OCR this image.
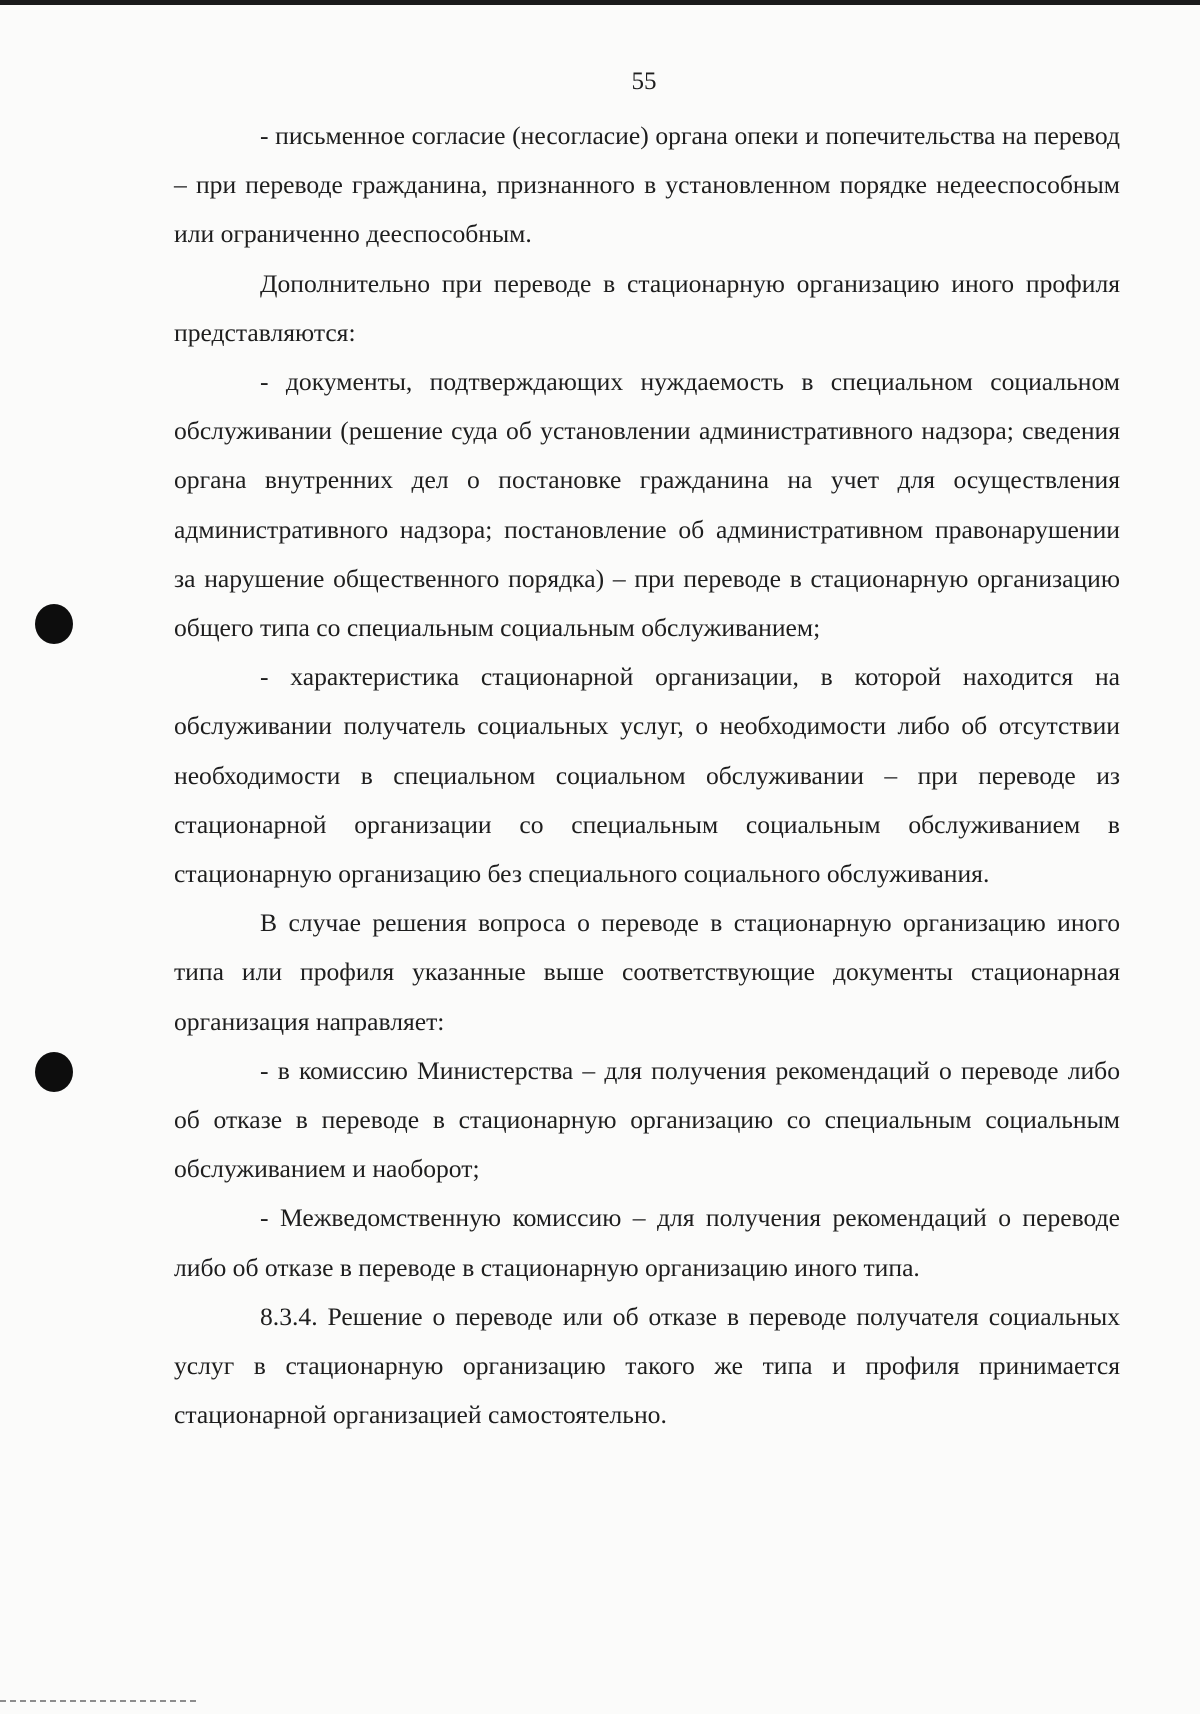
55

- письменное согласие (несогласие) органа опеки и попечительства на перевод – при переводе гражданина, признанного в установленном порядке недееспособным или ограниченно дееспособным.

Дополнительно при переводе в стационарную организацию иного профиля представляются:

- документы, подтверждающих нуждаемость в специальном социальном обслуживании (решение суда об установлении административного надзора; сведения органа внутренних дел о постановке гражданина на учет для осуществления административного надзора; постановление об административном правонарушении за нарушение общественного порядка) – при переводе в стационарную организацию общего типа со специальным социальным обслуживанием;

- характеристика стационарной организации, в которой находится на обслуживании получатель социальных услуг, о необходимости либо об отсутствии необходимости в специальном социальном обслуживании – при переводе из стационарной организации со специальным социальным обслуживанием в стационарную организацию без специального социального обслуживания.

В случае решения вопроса о переводе в стационарную организацию иного типа или профиля указанные выше соответствующие документы стационарная организация направляет:

- в комиссию Министерства – для получения рекомендаций о переводе либо об отказе в переводе в стационарную организацию со специальным социальным обслуживанием и наоборот;

- Межведомственную комиссию – для получения рекомендаций о переводе либо об отказе в переводе в стационарную организацию иного типа.

8.3.4. Решение о переводе или об отказе в переводе получателя социальных услуг в стационарную организацию такого же типа и профиля принимается стационарной организацией самостоятельно.
